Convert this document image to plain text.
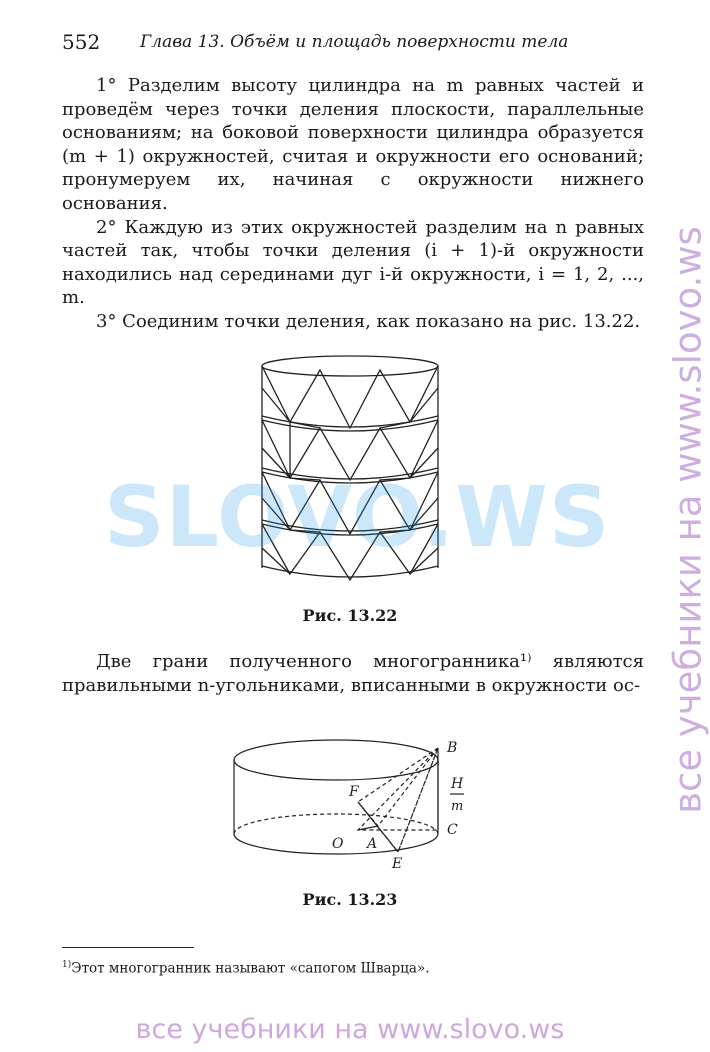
552 Глава 13. Объём и площадь поверхности тела

1° Разделим высоту цилиндра на m равных частей и проведём через точки деления плоскости, параллельные основаниям; на боковой поверхности цилиндра образуется (m + 1) окружностей, считая и окружности его оснований; пронумеруем их, начиная с окружности нижнего основания.

2° Каждую из этих окружностей разделим на n равных частей так, чтобы точки деления (i + 1)-й окружности находились над серединами дуг i-й окружности, i = 1, 2, ..., m.

3° Соединим точки деления, как показано на рис. 13.22.

Рис. 13.22

Две грани полученного многогранника¹⁾ являются правильными n-угольниками, вписанными в окружности ос-

B
H
m
F
C
O A
E
Рис. 13.23
$^{1)}$Этот многогранник называют «сапогом Шварца».
SLOVO.WS все учебники на www.slovo.ws
все учебники на www.slovo.ws
